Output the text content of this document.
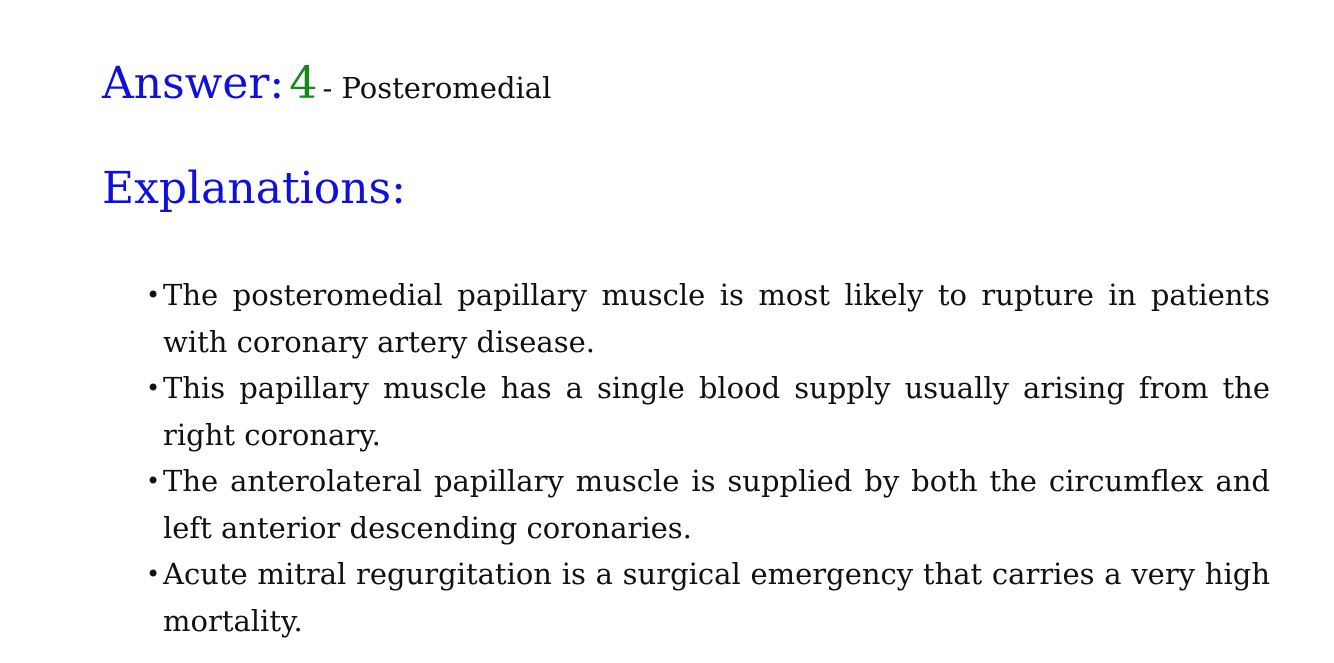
Answer: 4 - Posteromedial
Explanations:
• The posteromedial papillary muscle is most likely to rupture in patients with coronary artery disease.
• This papillary muscle has a single blood supply usually arising from the right coronary.
• The anterolateral papillary muscle is supplied by both the circumflex and left anterior descending coronaries.
• Acute mitral regurgitation is a surgical emergency that carries a very high mortality.
